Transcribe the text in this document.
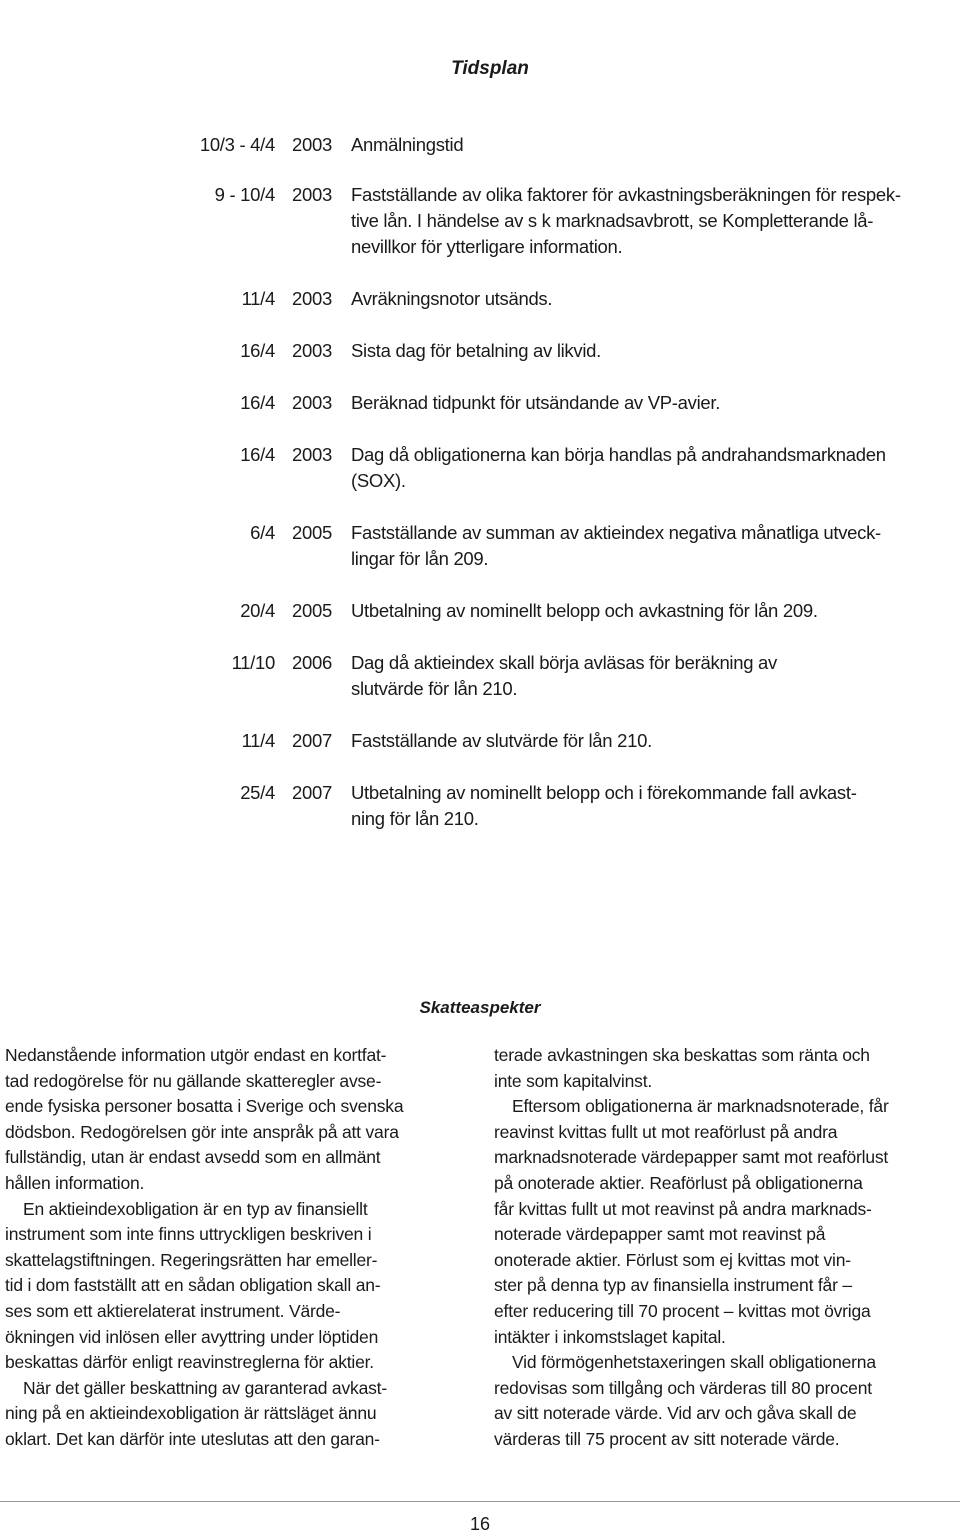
Tidsplan
10/3 - 4/4 2003 Anmälningstid
9 - 10/4 2003 Fastställande av olika faktorer för avkastningsberäkningen för respek-
tive lån. I händelse av s k marknadsavbrott, se Kompletterande lå-
nevillkor för ytterligare information.
11/4 2003 Avräkningsnotor utsänds.
16/4 2003 Sista dag för betalning av likvid.
16/4 2003 Beräknad tidpunkt för utsändande av VP-avier.
16/4 2003 Dag då obligationerna kan börja handlas på andrahandsmarknaden
(SOX).
6/4 2005 Fastställande av summan av aktieindex negativa månatliga utveck-
lingar för lån 209.
20/4 2005 Utbetalning av nominellt belopp och avkastning för lån 209.
11/10 2006 Dag då aktieindex skall börja avläsas för beräkning av
slutvärde för lån 210.
11/4 2007 Fastställande av slutvärde för lån 210.
25/4 2007 Utbetalning av nominellt belopp och i förekommande fall avkast-
ning för lån 210.
Skatteaspekter
Nedanstående information utgör endast en kortfat-
tad redogörelse för nu gällande skatteregler avse-
ende fysiska personer bosatta i Sverige och svenska
dödsbon. Redogörelsen gör inte anspråk på att vara
fullständig, utan är endast avsedd som en allmänt
hållen information.
En aktieindexobligation är en typ av finansiellt
instrument som inte finns uttryckligen beskriven i
skattelagstiftningen. Regeringsrätten har emeller-
tid i dom fastställt att en sådan obligation skall an-
ses som ett aktierelaterat instrument. Värde-
ökningen vid inlösen eller avyttring under löptiden
beskattas därför enligt reavinstreglerna för aktier.
När det gäller beskattning av garanterad avkast-
ning på en aktieindexobligation är rättsläget ännu
oklart. Det kan därför inte uteslutas att den garan-
terade avkastningen ska beskattas som ränta och
inte som kapitalvinst.
Eftersom obligationerna är marknadsnoterade, får
reavinst kvittas fullt ut mot reaförlust på andra
marknadsnoterade värdepapper samt mot reaförlust
på onoterade aktier. Reaförlust på obligationerna
får kvittas fullt ut mot reavinst på andra marknads-
noterade värdepapper samt mot reavinst på
onoterade aktier. Förlust som ej kvittas mot vin-
ster på denna typ av finansiella instrument får –
efter reducering till 70 procent – kvittas mot övriga
intäkter i inkomstslaget kapital.
Vid förmögenhetstaxeringen skall obligationerna
redovisas som tillgång och värderas till 80 procent
av sitt noterade värde. Vid arv och gåva skall de
värderas till 75 procent av sitt noterade värde.
16
